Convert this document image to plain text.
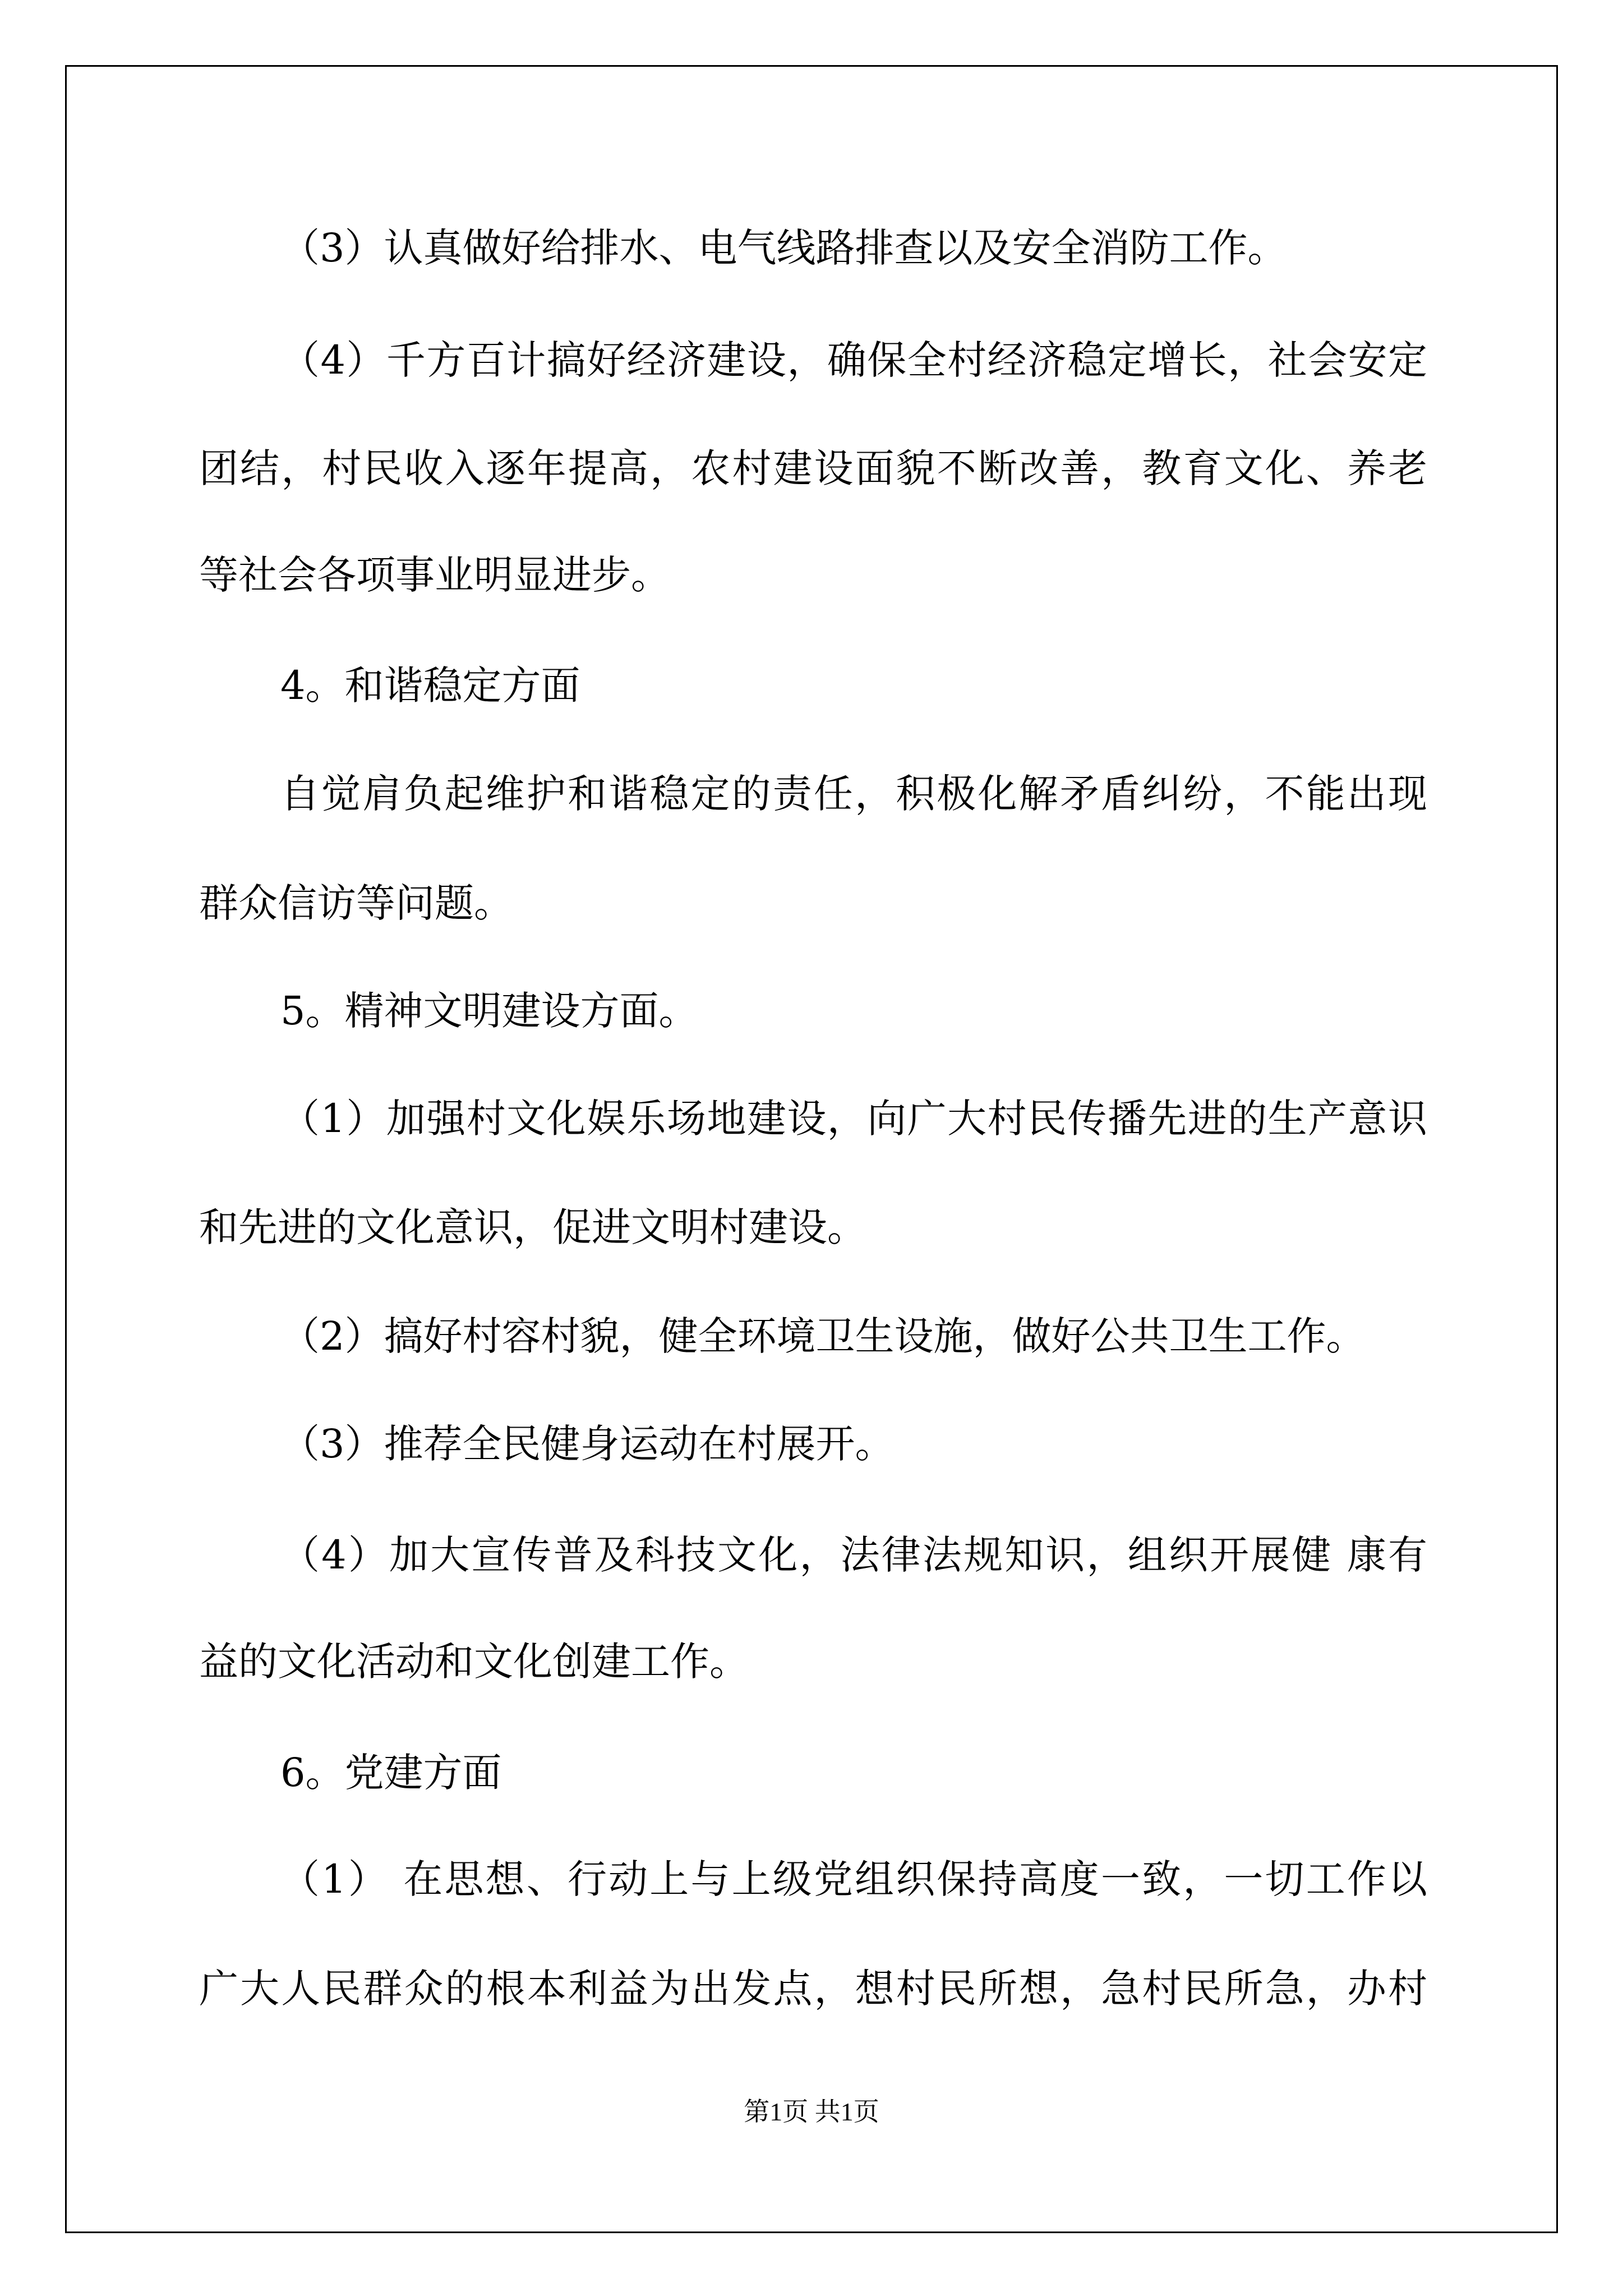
（3）认真做好给排水、电气线路排查以及安全消防工作。
（4）千方百计搞好经济建设，确保全村经济稳定增长，社会安定
团结，村民收入逐年提高，农村建设面貌不断改善，教育文化、养老
等社会各项事业明显进步。
4。和谐稳定方面
自觉肩负起维护和谐稳定的责任，积极化解矛盾纠纷，不能出现
群众信访等问题。
5。精神文明建设方面。
（1）加强村文化娱乐场地建设，向广大村民传播先进的生产意识
和先进的文化意识，促进文明村建设。
（2）搞好村容村貌，健全环境卫生设施，做好公共卫生工作。
（3）推荐全民健身运动在村展开。
（4）加大宣传普及科技文化，法律法规知识，组织开展健 康有
益的文化活动和文化创建工作。
6。党建方面
（1） 在思想、行动上与上级党组织保持高度一致，一切工作以
广大人民群众的根本利益为出发点，想村民所想，急村民所急，办村
第1页 共1页
